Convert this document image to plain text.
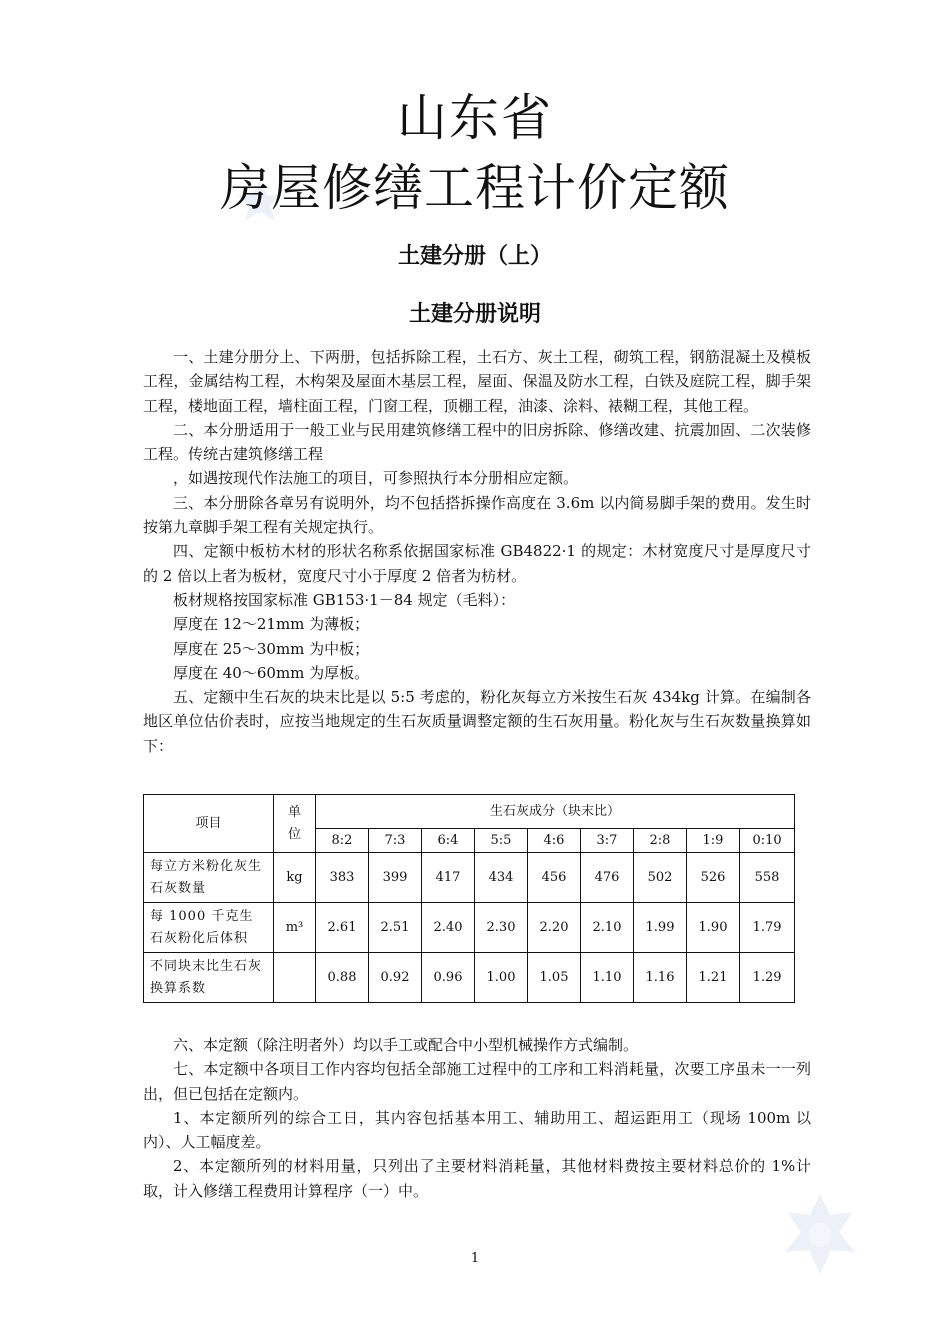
山东省
房屋修缮工程计价定额
土建分册（上）
土建分册说明

一、土建分册分上、下两册，包括拆除工程，土石方、灰土工程，砌筑工程，钢筋混凝土及模板工程，金属结构工程，木构架及屋面木基层工程，屋面、保温及防水工程，白铁及庭院工程，脚手架工程，楼地面工程，墙柱面工程，门窗工程，顶棚工程，油漆、涂料、裱糊工程，其他工程。

二、本分册适用于一般工业与民用建筑修缮工程中的旧房拆除、修缮改建、抗震加固、二次装修工程。传统古建筑修缮工程

，如遇按现代作法施工的项目，可参照执行本分册相应定额。

三、本分册除各章另有说明外，均不包括搭拆操作高度在 3.6m 以内简易脚手架的费用。发生时按第九章脚手架工程有关规定执行。

四、定额中板枋木材的形状名称系依据国家标准 GB4822·1 的规定：木材宽度尺寸是厚度尺寸的 2 倍以上者为板材，宽度尺寸小于厚度 2 倍者为枋材。

板材规格按国家标准 GB153·1－84 规定（毛料）：

厚度在 12～21mm 为薄板；

厚度在 25～30mm 为中板；

厚度在 40～60mm 为厚板。

五、定额中生石灰的块末比是以 5:5 考虑的，粉化灰每立方米按生石灰 434kg 计算。在编制各地区单位估价表时，应按当地规定的生石灰质量调整定额的生石灰用量。粉化灰与生石灰数量换算如下：

项目	单位	生石灰成分（块末比）								
		8:2	7:3	6:4	5:5	4:6	3:7	2:8	1:9	0:10
每立方米粉化灰生石灰数量	kg	383	399	417	434	456	476	502	526	558
每 1000 千克生石灰粉化后体积	m³	2.61	2.51	2.40	2.30	2.20	2.10	1.99	1.90	1.79
不同块末比生石灰换算系数		0.88	0.92	0.96	1.00	1.05	1.10	1.16	1.21	1.29

六、本定额（除注明者外）均以手工或配合中小型机械操作方式编制。

七、本定额中各项目工作内容均包括全部施工过程中的工序和工料消耗量，次要工序虽未一一列出，但已包括在定额内。

1、本定额所列的综合工日，其内容包括基本用工、辅助用工、超运距用工（现场 100m 以内）、人工幅度差。

2、本定额所列的材料用量，只列出了主要材料消耗量，其他材料费按主要材料总价的 1%计取，计入修缮工程费用计算程序（一）中。

1
